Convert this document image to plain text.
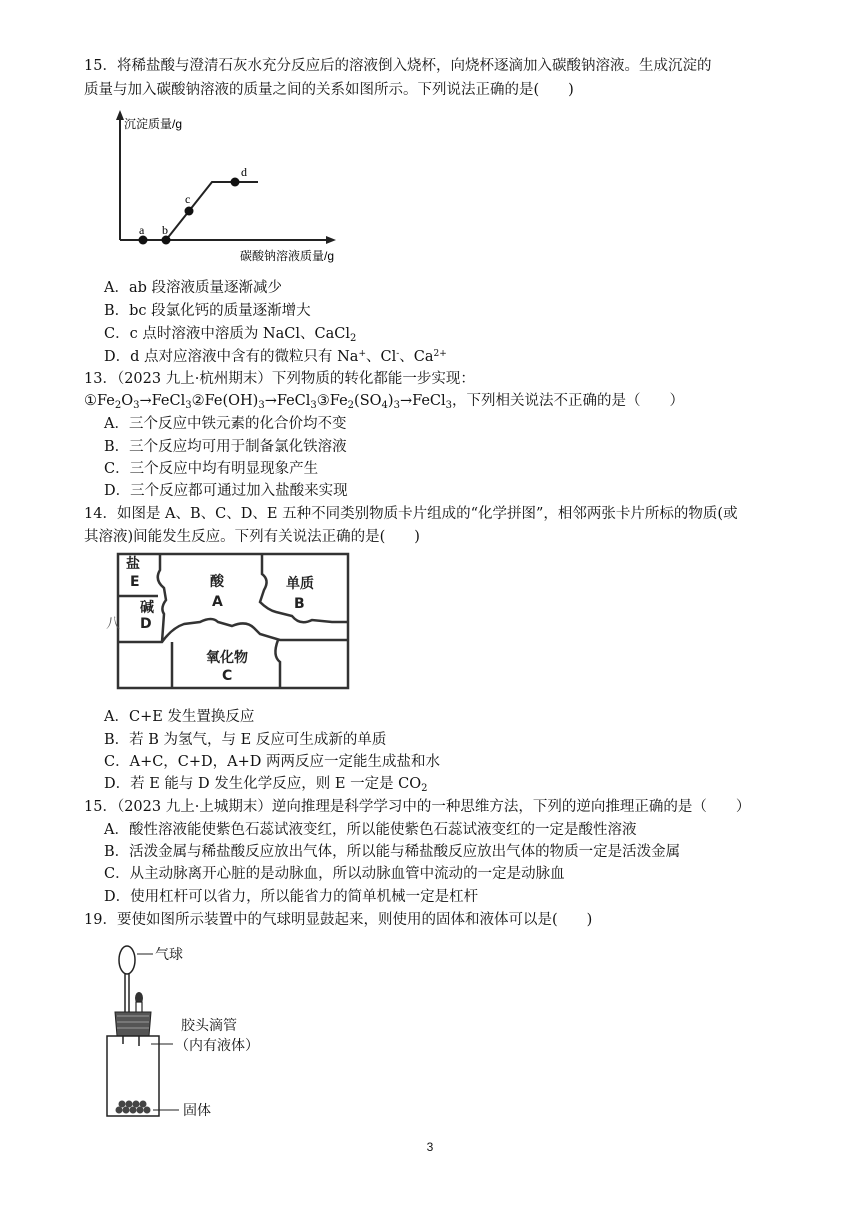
15．将稀盐酸与澄清石灰水充分反应后的溶液倒入烧杯，向烧杯逐滴加入碳酸钠溶液。生成沉淀的
质量与加入碳酸钠溶液的质量之间的关系如图所示。下列说法正确的是(　　)
沉淀质量/g
碳酸钠溶液质量/g
a b
c
d
A．ab 段溶液质量逐渐减少
B．bc 段氯化钙的质量逐渐增大
C．c 点时溶液中溶质为 NaCl、CaCl$_2$
D．d 点对应溶液中含有的微粒只有 Na+、Cl-、$Ca^{2+}$
13．（2023 九上·杭州期末）下列物质的转化都能一步实现：
$①Fe_2O_3\to FeCl_3②Fe(OH)_3\to FeCl_3③Fe_2(SO_4)_3\to FeCl_3$，下列相关说法不正确的是（　　）
A．三个反应中铁元素的化合价均不变
B．三个反应均可用于制备氯化铁溶液
C．三个反应中均有明显现象产生
D．三个反应都可通过加入盐酸来实现
14．如图是 A、B、C、D、E 五种不同类别物质卡片组成的“化学拼图”，相邻两张卡片所标的物质(或
其溶液)间能发生反应。下列有关说法正确的是(　　)
盐
E	酸
A
单质
B
碱
D
氧化物
C
八
A．C+E 发生置换反应
B．若 B 为氢气，与 E 反应可生成新的单质
C．A+C，C+D，A+D 两两反应一定能生成盐和水
D．若 E 能与 D 发生化学反应，则 E 一定是 $CO_2$
15．（2023 九上·上城期末）逆向推理是科学学习中的一种思维方法，下列的逆向推理正确的是（　　）
A．酸性溶液能使紫色石蕊试液变红，所以能使紫色石蕊试液变红的一定是酸性溶液
B．活泼金属与稀盐酸反应放出气体，所以能与稀盐酸反应放出气体的物质一定是活泼金属
C．从主动脉离开心脏的是动脉血，所以动脉血管中流动的一定是动脉血
D．使用杠杆可以省力，所以能省力的简单机械一定是杠杆
19．要使如图所示装置中的气球明显鼓起来，则使用的固体和液体可以是(　　)
气球
胶头滴管
（内有液体）
固体
3
